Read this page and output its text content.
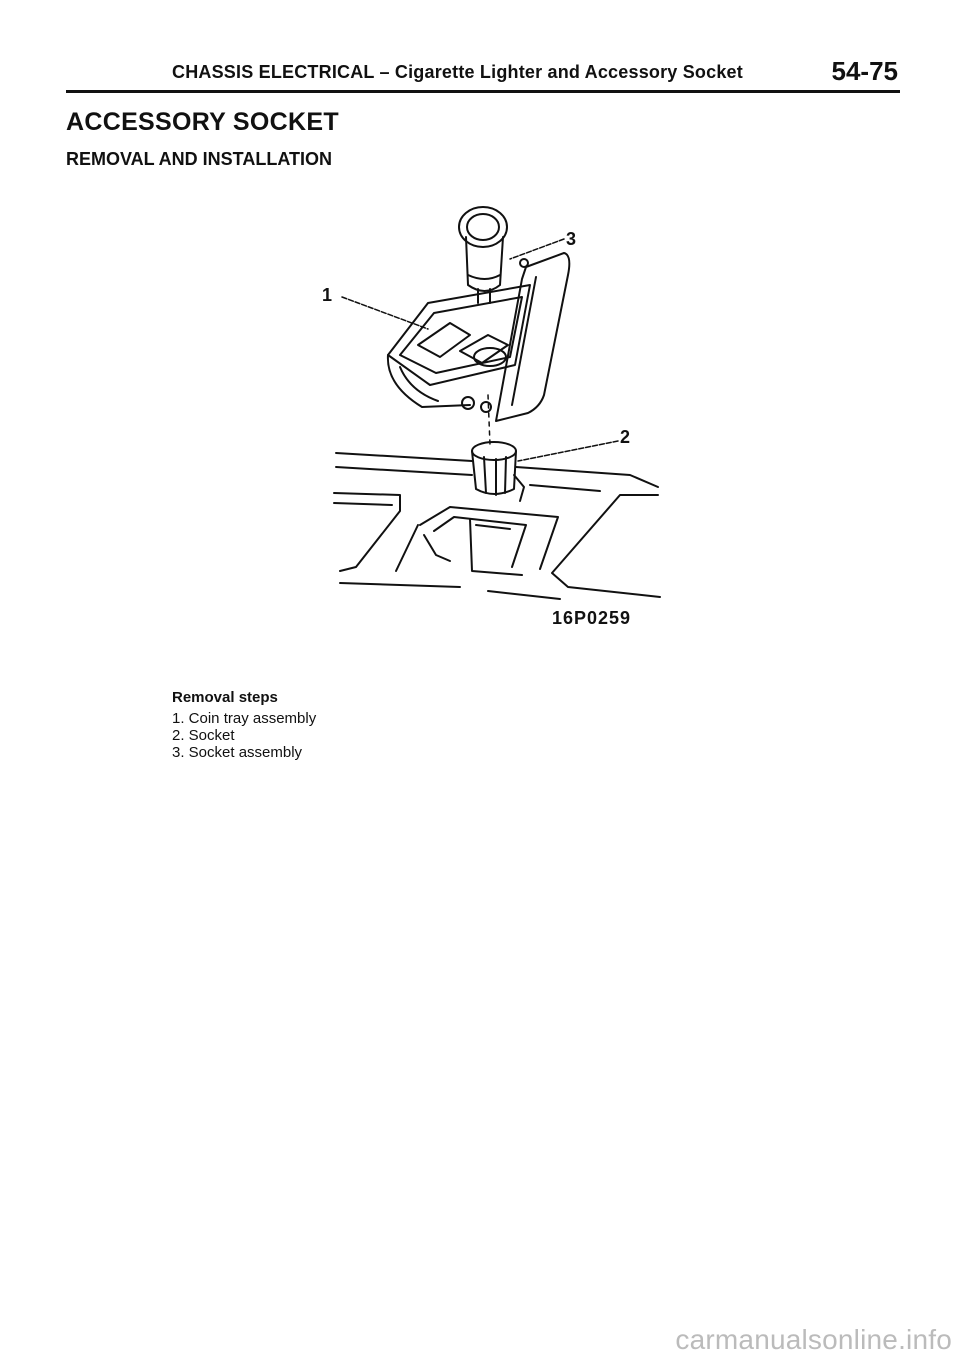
CHASSIS ELECTRICAL – Cigarette Lighter and Accessory Socket	54-75
ACCESSORY SOCKET
REMOVAL AND INSTALLATION
1
2
3
16P0259
Removal steps
1. Coin tray assembly
2. Socket
3. Socket assembly
carmanualsonline.info
